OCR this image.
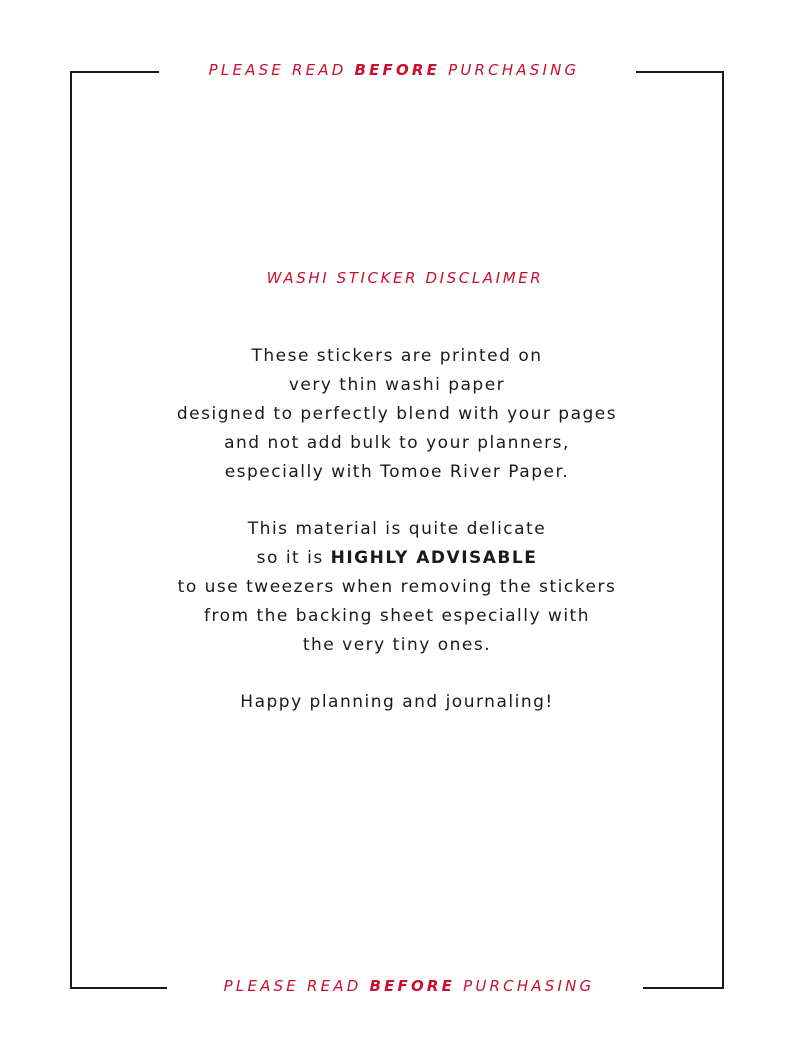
PLEASE READ BEFORE PURCHASING
WASHI STICKER DISCLAIMER
These stickers are printed on
very thin washi paper
designed to perfectly blend with your pages
and not add bulk to your planners,
especially with Tomoe River Paper.
This material is quite delicate
so it is HIGHLY ADVISABLE
to use tweezers when removing the stickers
from the backing sheet especially with
the very tiny ones.
Happy planning and journaling!
PLEASE READ BEFORE PURCHASING
